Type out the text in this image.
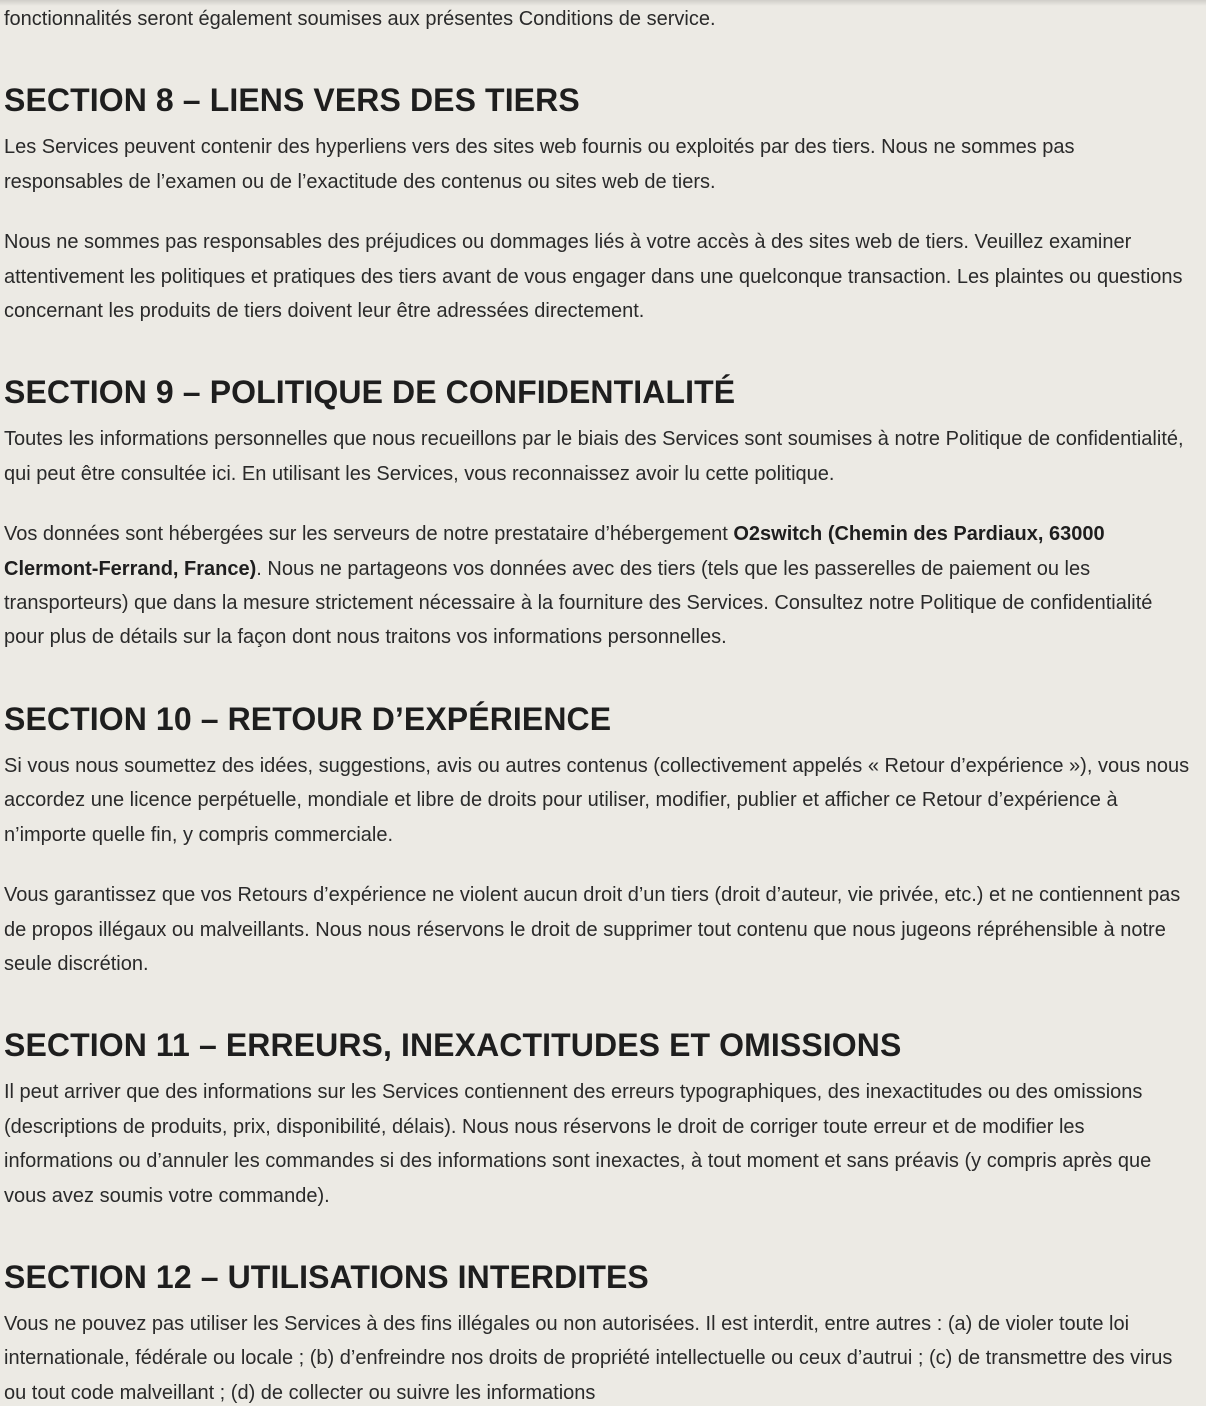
fonctionnalités seront également soumises aux présentes Conditions de service.

SECTION 8 – LIENS VERS DES TIERS

Les Services peuvent contenir des hyperliens vers des sites web fournis ou exploités par des tiers. Nous ne sommes pas responsables de l’examen ou de l’exactitude des contenus ou sites web de tiers.

Nous ne sommes pas responsables des préjudices ou dommages liés à votre accès à des sites web de tiers. Veuillez examiner attentivement les politiques et pratiques des tiers avant de vous engager dans une quelconque transaction. Les plaintes ou questions concernant les produits de tiers doivent leur être adressées directement.

SECTION 9 – POLITIQUE DE CONFIDENTIALITÉ

Toutes les informations personnelles que nous recueillons par le biais des Services sont soumises à notre Politique de confidentialité, qui peut être consultée ici. En utilisant les Services, vous reconnaissez avoir lu cette politique.

Vos données sont hébergées sur les serveurs de notre prestataire d’hébergement O2switch (Chemin des Pardiaux, 63000 Clermont-Ferrand, France). Nous ne partageons vos données avec des tiers (tels que les passerelles de paiement ou les transporteurs) que dans la mesure strictement nécessaire à la fourniture des Services. Consultez notre Politique de confidentialité pour plus de détails sur la façon dont nous traitons vos informations personnelles.

SECTION 10 – RETOUR D’EXPÉRIENCE

Si vous nous soumettez des idées, suggestions, avis ou autres contenus (collectivement appelés « Retour d’expérience »), vous nous accordez une licence perpétuelle, mondiale et libre de droits pour utiliser, modifier, publier et afficher ce Retour d’expérience à n’importe quelle fin, y compris commerciale.

Vous garantissez que vos Retours d’expérience ne violent aucun droit d’un tiers (droit d’auteur, vie privée, etc.) et ne contiennent pas de propos illégaux ou malveillants. Nous nous réservons le droit de supprimer tout contenu que nous jugeons répréhensible à notre seule discrétion.

SECTION 11 – ERREURS, INEXACTITUDES ET OMISSIONS

Il peut arriver que des informations sur les Services contiennent des erreurs typographiques, des inexactitudes ou des omissions (descriptions de produits, prix, disponibilité, délais). Nous nous réservons le droit de corriger toute erreur et de modifier les informations ou d’annuler les commandes si des informations sont inexactes, à tout moment et sans préavis (y compris après que vous avez soumis votre commande).

SECTION 12 – UTILISATIONS INTERDITES

Vous ne pouvez pas utiliser les Services à des fins illégales ou non autorisées. Il est interdit, entre autres : (a) de violer toute loi internationale, fédérale ou locale ; (b) d’enfreindre nos droits de propriété intellectuelle ou ceux d’autrui ; (c) de transmettre des virus ou tout code malveillant ; (d) de collecter ou suivre les informations
